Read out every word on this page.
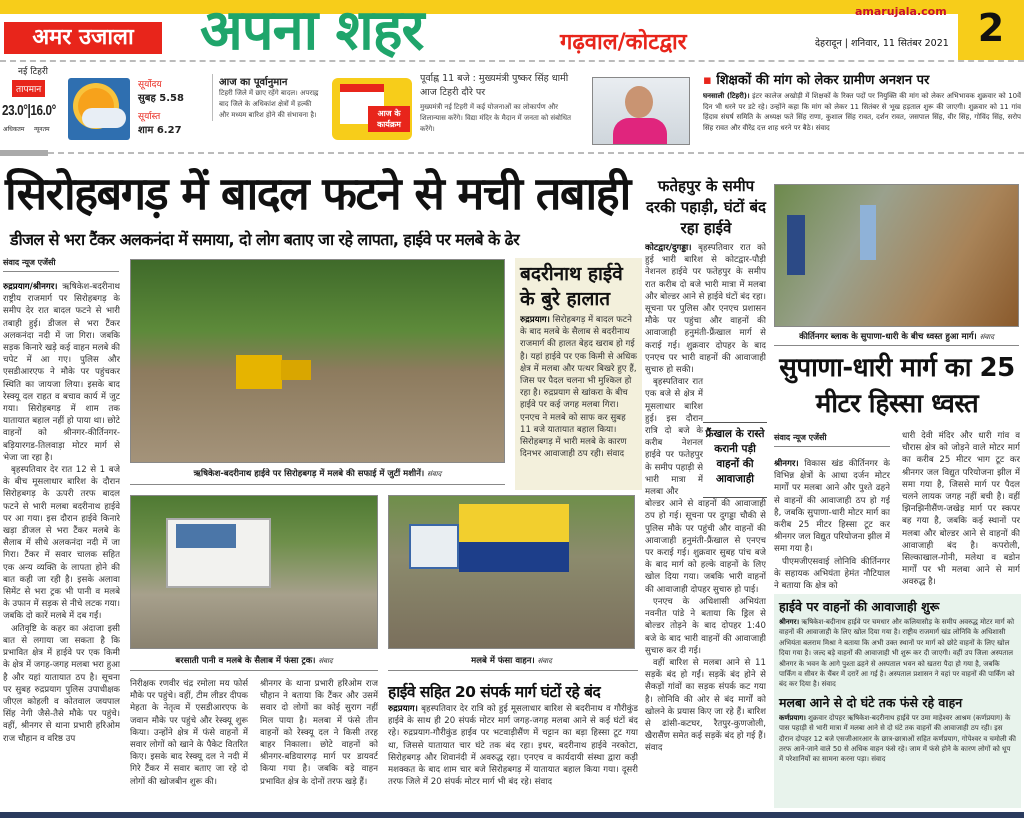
2
अमर उजाला	अपना शहर	गढ़वाल/कोटद्वार
amarujala.com
देहरादून | शनिवार, 11 सितंबर 2021
नई टिहरी
तापमान
23.0°|16.0°
अधिकतम न्यूनतम
सूर्योदय
सुबह 5.58
सूर्यास्त
शाम 6.27
आज का पूर्वानुमान
टिहरी जिले में छाए रहेंगे बादल। अपराह्न बाद जिले के अधिकांश क्षेत्रों में हल्की और मध्यम बारिश होने की संभावना है।	आज के कार्यक्रम
पूर्वाह्न 11 बजे : मुख्यमंत्री पुष्कर सिंह धामी आज टिहरी दौरे पर
मुख्यमंत्री नई टिहरी में कई योजनाओं का लोकार्पण और शिलान्यास करेंगे। विद्या मंदिर के मैदान में जनता को संबोधित करेंगे।
▪ शिक्षकों की मांग को लेकर ग्रामीण अनशन पर
घनसाली (टिहरी)। इंटर कालेज अखोड़ी में शिक्षकों के रिक्त पदों पर नियुक्ति की मांग को लेकर अभिभावक शुक्रवार को 10वें दिन भी धरने पर डटे रहे। उन्होंने कहा कि मांग को लेकर 11 सितंबर से भूख हड़ताल शुरू की जाएगी। शुक्रवार को 11 गांव हिंदाव संघर्ष समिति के अध्यक्ष फते सिंह राणा, कुशाल सिंह रावत, दर्शन रावत, जसपाल सिंह, वीर सिंह, गोविंद सिंह, सरोप सिंह रावत और वीरेंद्र दत्त शाह धरने पर बैठे। संवाद
सिरोहबगड़ में बादल फटने से मची तबाही
डीजल से भरा टैंकर अलकनंदा में समाया, दो लोग बताए जा रहे लापता, हाईवे पर मलबे के ढेर
संवाद न्यूज एजेंसी
रुद्रप्रयाग/श्रीनगर। ऋषिकेश-बदरीनाथ राष्ट्रीय राजमार्ग पर सिरोहबगड़ के समीप देर रात बादल फटने से भारी तबाही हुई। डीजल से भरा टैंकर अलकनंदा नदी में जा गिरा। जबकि सड़क किनारे खड़े कई वाहन मलबे की चपेट में आ गए। पुलिस और एसडीआरएफ ने मौके पर पहुंचकर स्थिति का जायजा लिया। इसके बाद रेस्क्यू दल राहत व बचाव कार्य में जुट गया। सिरोहबगड़ में शाम तक यातायात बहाल नहीं हो पाया था। छोटे वाहनों को श्रीनगर-कीर्तिनगर-बड़ियारगड-तिलवाड़ा मोटर मार्ग से भेजा जा रहा है।

बृहस्पतिवार देर रात 12 से 1 बजे के बीच मूसलाधार बारिश के दौरान सिरोहबगड़ के ऊपरी तरफ बादल फटने से भारी मलबा बदरीनाथ हाईवे पर आ गया। इस दौरान हाईवे किनारे खड़ा डीजल से भरा टैंकर मलबे के सैलाब में सीधे अलकनंदा नदी में जा गिरा। टैंकर में सवार चालक सहित एक अन्य व्यक्ति के लापता होने की बात कही जा रही है। इसके अलावा सिमेंट से भरा ट्रक भी पानी व मलबे के उफान में सड़क से नीचे लटक गया। जबकि दो कारें मलबे में दब गईं।

अतिवृष्टि के कहर का अंदाजा इसी बात से लगाया जा सकता है कि प्रभावित क्षेत्र में हाईवे पर एक किमी के क्षेत्र में जगह-जगह मलबा भरा हुआ है और यहां यातायात ठप है। सूचना पर सुबह रुद्रप्रयाग पुलिस उपाधीक्षक जीएल कोहली व कोतवाल जयपाल सिंह नेगी जैसे-तैसे मौके पर पहुंचे। वहीं, श्रीनगर से थाना प्रभारी हरिओम राज चौहान व वरिष्ठ उप

ऋषिकेश-बदरीनाथ हाईवे पर सिरोहबगड़ में मलबे की सफाई में जुटीं मशीनें। संवाद
बदरीनाथ हाईवे के बुरे हालात
रुद्रप्रयाग। सिरोहबगड़ में बादल फटने के बाद मलबे के सैलाब से बदरीनाथ राजमार्ग की हालत बेहद खराब हो गई है। यहां हाईवे पर एक किमी से अधिक क्षेत्र में मलबा और पत्थर बिखरे हुए हैं, जिस पर पैदल चलना भी मुश्किल हो रहा है। रुद्रप्रयाग से खांकरा के बीच हाईवे पर कई जगह मलबा गिरा। एनएच ने मलबे को साफ कर सुबह 11 बजे यातायात बहाल किया। सिरोहबगड़ में भारी मलबे के कारण दिनभर आवाजाही ठप रही। संवाद
बरसाती पानी व मलबे के सैलाब में फंसा ट्रक। संवाद
निरीक्षक रणवीर चंद्र रमोला मय फोर्स मौके पर पहुंचे। वहीं, टीम लीडर दीपक मेहता के नेतृत्व में एसडीआरएफ के जवान मौके पर पहुंचे और रेस्क्यू शुरू किया। उन्होंने क्षेत्र में फंसे वाहनों में सवार लोगों को खाने के पैकेट वितरित किए। इसके बाद रेस्क्यू दल ने नदी में गिरे टैंकर में सवार बताए जा रहे दो लोगों की खोजबीन शुरू की।
श्रीनगर के थाना प्रभारी हरिओम राज चौहान ने बताया कि टैंकर और उसमें सवार दो लोगों का कोई सुराग नहीं मिल पाया है। मलबा में फंसे तीन वाहनों को रेस्क्यू दल ने किसी तरह बाहर निकाला। छोटे वाहनों को श्रीनगर-बडियारगढ़ मार्ग पर डायवर्ट किया गया है। जबकि बड़े वाहन प्रभावित क्षेत्र के दोनों तरफ खड़े हैं।
मलबे में फंसा वाहन। संवाद
हाईवे सहित 20 संपर्क मार्ग घंटों रहे बंद
रुद्रप्रयाग। बृहस्पतिवार देर रात्रि को हुई मूसलाधार बारिश से बदरीनाथ व गौरीकुंड हाईवे के साथ ही 20 संपर्क मोटर मार्ग जगह-जगह मलबा आने से कई घंटों बंद रहे। रुद्रप्रयाग-गौरीकुंड हाईव पर भटवाड़ीसैंण में चट्टान का बड़ा हिस्सा टूट गया था, जिससे यातायात चार घंटे तक बंद रहा। इधर, बदरीनाथ हाईवे नरकोटा, सिरोहबगड़ और शिवानंदी में अवरुद्ध रहा। एनएच व कार्यदायी संस्था द्वारा कड़ी मशक्कत के बाद शाम चार बजे सिरोहबगड़ में यातायात बहाल किया गया। दूसरी तरफ जिले में 20 संपर्क मोटर मार्ग भी बंद रहे। संवाद
फतेहपुर के समीप दरकी पहाड़ी, घंटों बंद रहा हाईवे
कोटद्वार/दुगड्डा। बृहस्पतिवार रात को हुई भारी बारिश से कोटद्वार-पौड़ी नेशनल हाईवे पर फतेहपुर के समीप रात करीब दो बजे भारी मात्रा में मलबा और बोल्डर आने से हाईवे घंटों बंद रहा। सूचना पर पुलिस और एनएच प्रशासन मौके पर पहुंचा और वाहनों की आवाजाही हनुमंती-फ्रैंखाल मार्ग से कराई गई। शुक्रवार दोपहर के बाद एनएच पर भारी वाहनों की आवाजाही सुचारु हो सकी।

बृहस्पतिवार रात एक बजे से क्षेत्र में मूसलाधार बारिश हुई। इस दौरान रात्रि दो बजे के करीब नेशनल हाईवे पर फतेहपुर के समीप पहाड़ी से भारी मात्रा में मलबा और

बोल्डर आने से वाहनों की आवाजाही ठप हो गई। सूचना पर दुगड्डा चौकी से पुलिस मौके पर पहुंची और वाहनों की आवाजाही हनुमंती-फ्रैंखाल से एनएच पर कराई गई। शुक्रवार सुबह पांच बजे के बाद मार्ग को हल्के वाहनों के लिए खोल दिया गया। जबकि भारी वाहनों की आवाजाही दोपहर सुचारु हो पाई।

एनएच के अधिशासी अभियंता नवनीत पांडे ने बताया कि ड्रिल से बोल्डर तोड़ने के बाद दोपहर 1:40 बजे के बाद भारी वाहनों की आवाजाही सुचारु कर दी गई।

वहीं बारिश से मलबा आने से 11 सड़कें बंद हो गईं। सड़कें बंद होने से सैकड़ों गांवों का सड़क संपर्क कट गया है। लोनिवि की ओर से बंद मार्गों को खोलने के प्रयास किए जा रहे हैं। बारिश से ढांसी-कटघर, रैतपुर-कुणजोली, खैरासैंण समेत कई सड़कें बंद हो गई हैं। संवाद

फ्रैंखाल के रास्ते करानी पड़ी वाहनों की आवाजाही
कीर्तिनगर ब्लाक के सुपाणा-धारी के बीच ध्वस्त हुआ मार्ग। संवाद
सुपाणा-धारी मार्ग का 25 मीटर हिस्सा ध्वस्त
संवाद न्यूज एजेंसी
श्रीनगर। विकास खंड कीर्तिनगर के विभिन्न क्षेत्रों के आधा दर्जन मोटर मार्गों पर मलबा आने और पुश्ते ढहने से वाहनों की आवाजाही ठप हो गई है, जबकि सुपाणा-धारी मोटर मार्ग का करीब 25 मीटर हिस्सा टूट कर श्रीनगर जल विद्युत परियोजना झील में समा गया है।

पीएमजीएसवाई लोनिवि कीर्तिनगर के सहायक अभियंता हेमंत नौटियाल ने बताया कि क्षेत्र को

धारी देवी मंदिर और धारी गांव व चौरास क्षेत्र को जोड़ने वाले मोटर मार्ग का करीब 25 मीटर भाग टूट कर श्रीनगर जल विद्युत परियोजना झील में समा गया है, जिससे मार्ग पर पैदल चलने लायक जगह नहीं बची है। वहीं झिनझिनीसैंण-जखेड़ मार्ग पर स्कपर बह गया है, जबकि कई स्थानों पर मलबा और बोल्डर आने से वाहनों की आवाजाही बंद है। कपरोली, सिल्काखाल-गोनी, मलेथा व बडोन मार्गों पर भी मलबा आने से मार्ग अवरुद्ध है।
हाईवे पर वाहनों की आवाजाही शुरू
श्रीनगर। ऋषिकेश-बदीनाथ हाईवे पर चमधार और कलियासौड़ के समीप अवरुद्ध मोटर मार्ग को वाहनों की आवाजाही के लिए खोल दिया गया है। राष्ट्रीय राजमार्ग खंड लोनिवि के अधिशासी अभियंता बलराम मिश्रा ने बताया कि अभी उक्त स्थानों पर मार्ग को छोटे वाहनों के लिए खोल दिया गया है। जल्द बड़े वाहनों की आवाजाही भी शुरू कर दी जाएगी। वहीं उप जिला अस्पताल श्रीनगर के भवन के आगे पुश्ता ढहने से अस्पताल भवन को खतरा पैदा हो गया है, जबकि पार्किंग व सीवर के चैंबर में दरारें आ गई है। अस्पताल प्रशासन ने वहां पर वाहनों की पार्किंग को बंद कर दिया है। संवाद
मलबा आने से दो घंटे तक फंसे रहे वाहन
कर्णप्रयाग। शुक्रवार दोपहर ऋषिकेश-बदरीनाथ हाईवे पर उमा माहेश्वर आश्रम (कर्णप्रयाग) के पास पहाड़ी से भारी मात्रा में मलबा आने से दो घंटे तक वाहनों की आवाजाही ठप रही। इस दौरान दोपहर 12 बजे एसजीआरआर के छात्र-छात्राओं सहित कर्णप्रयाग, गोपेश्वर व चमोली की तरफ आने-जाने वाले 50 से अधिक वाहन फंसे रहे। जाम में फंसे होने के कारण लोगों को धूप में परेशानियों का सामना करना पड़ा। संवाद
